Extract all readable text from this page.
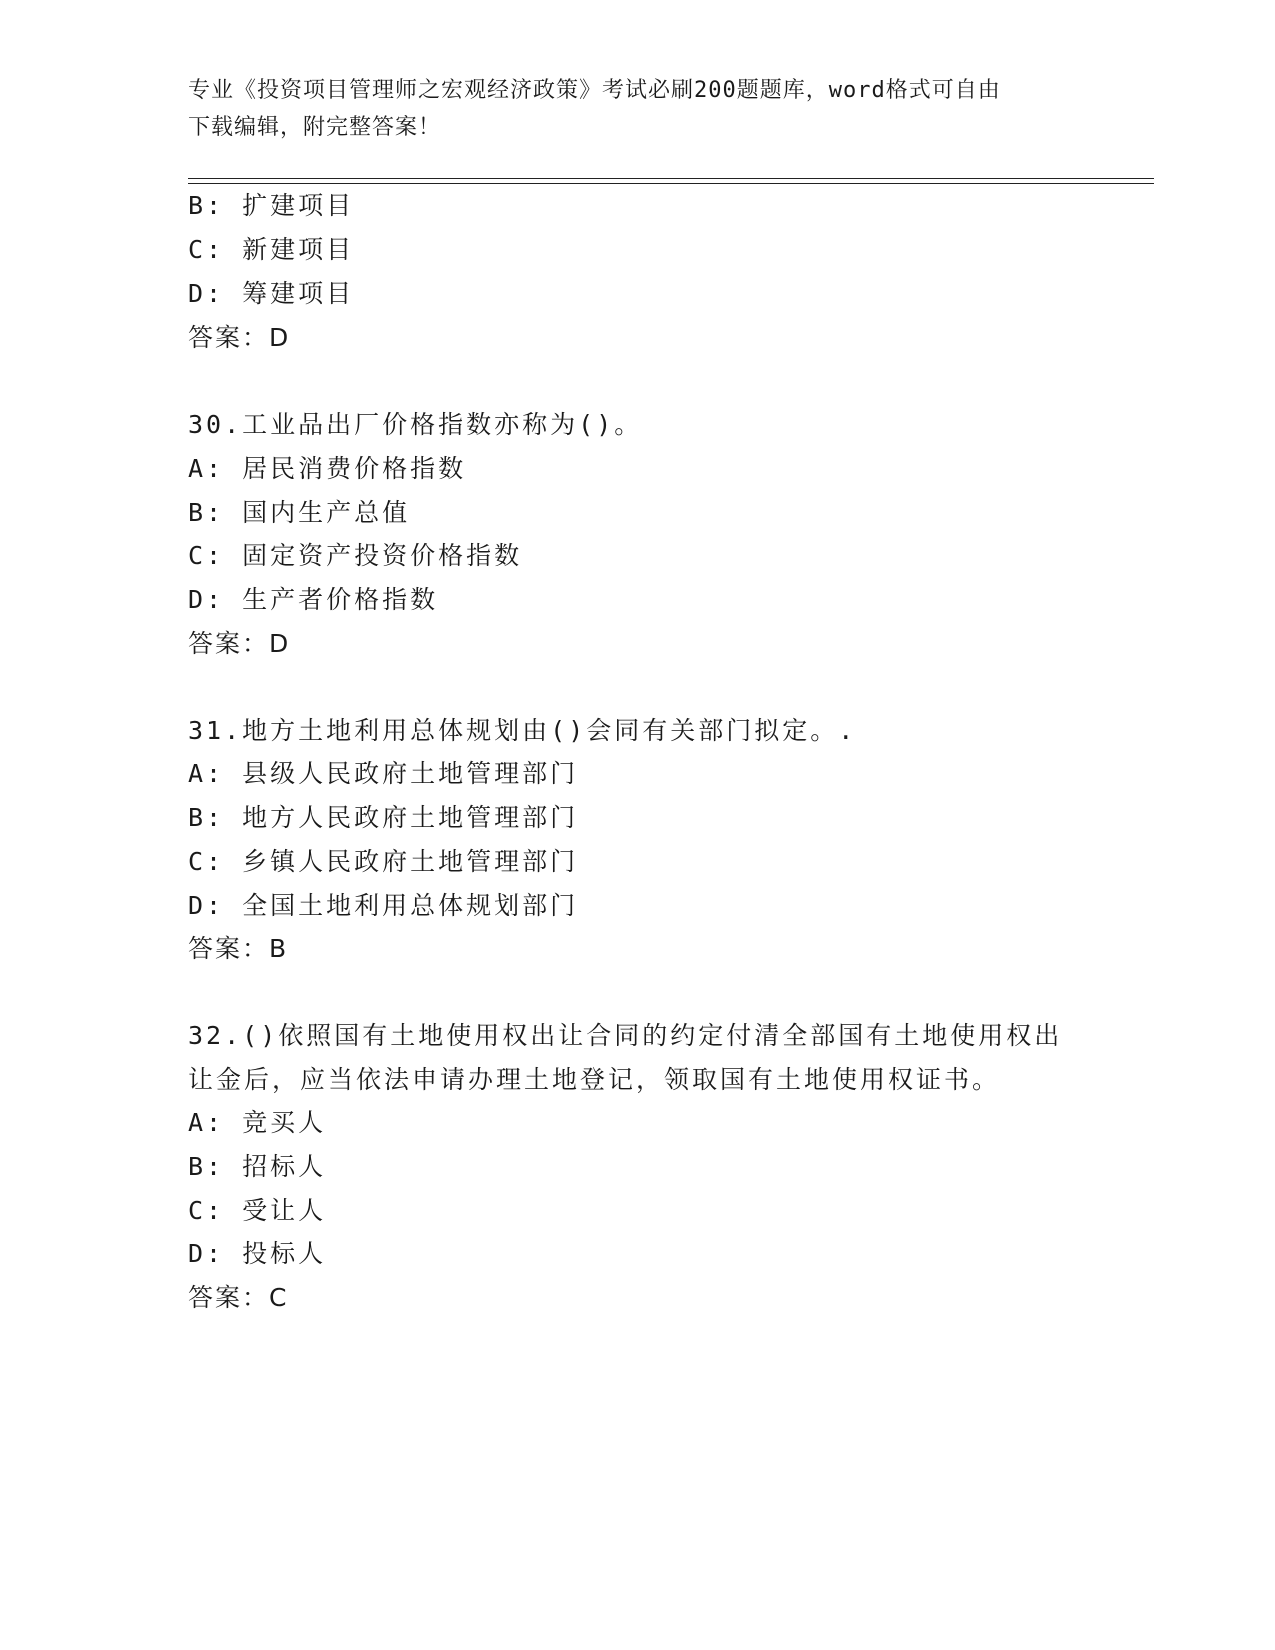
专业《投资项目管理师之宏观经济政策》考试必刷200题题库，word格式可自由
下载编辑，附完整答案！
B: 扩建项目
C: 新建项目
D: 筹建项目
答案：D
30.工业品出厂价格指数亦称为()。
A: 居民消费价格指数
B: 国内生产总值
C: 固定资产投资价格指数
D: 生产者价格指数
答案：D
31.地方土地利用总体规划由()会同有关部门拟定。.
A: 县级人民政府土地管理部门
B: 地方人民政府土地管理部门
C: 乡镇人民政府土地管理部门
D: 全国土地利用总体规划部门
答案：B
32.()依照国有土地使用权出让合同的约定付清全部国有土地使用权出
让金后，应当依法申请办理土地登记，领取国有土地使用权证书。
A: 竞买人
B: 招标人
C: 受让人
D: 投标人
答案：C
